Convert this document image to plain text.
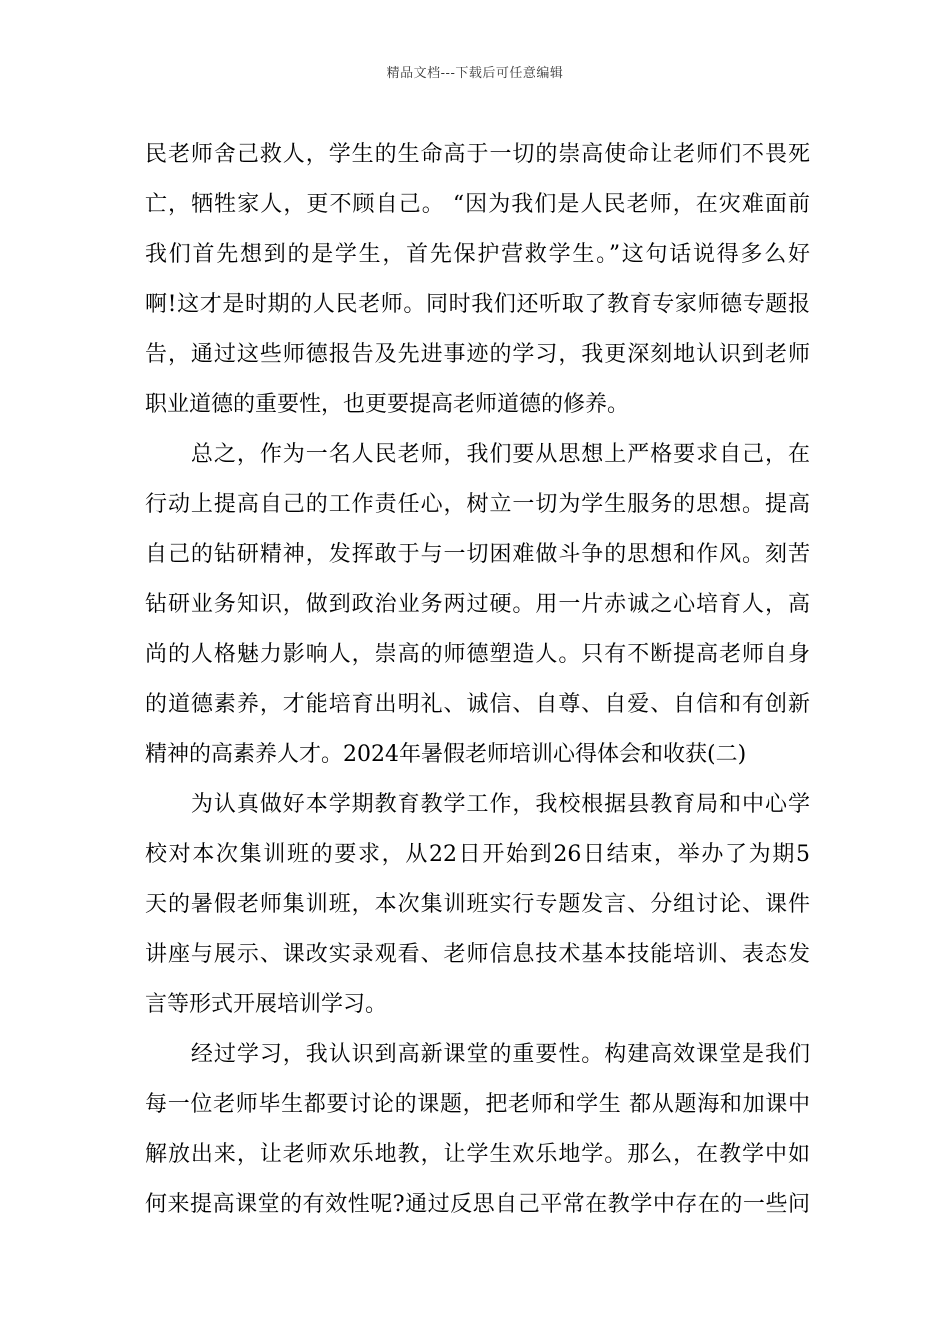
精品文档---下载后可任意编辑
民老师舍己救人，学生的生命高于一切的崇高使命让老师们不畏死
亡，牺牲家人，更不顾自己。 “因为我们是人民老师，在灾难面前
我们首先想到的是学生，首先保护营救学生。”这句话说得多么好
啊!这才是时期的人民老师。同时我们还听取了教育专家师德专题报
告，通过这些师德报告及先进事迹的学习，我更深刻地认识到老师
职业道德的重要性，也更要提高老师道德的修养。
　　总之，作为一名人民老师，我们要从思想上严格要求自己，在
行动上提高自己的工作责任心，树立一切为学生服务的思想。提高
自己的钻研精神，发挥敢于与一切困难做斗争的思想和作风。刻苦
钻研业务知识，做到政治业务两过硬。用一片赤诚之心培育人，高
尚的人格魅力影响人，崇高的师德塑造人。只有不断提高老师自身
的道德素养，才能培育出明礼、诚信、自尊、自爱、自信和有创新
精神的高素养人才。2024年暑假老师培训心得体会和收获(二)
　　为认真做好本学期教育教学工作，我校根据县教育局和中心学
校对本次集训班的要求，从22日开始到26日结束，举办了为期5
天的暑假老师集训班，本次集训班实行专题发言、分组讨论、课件
讲座与展示、课改实录观看、老师信息技术基本技能培训、表态发
言等形式开展培训学习。
　　经过学习，我认识到高新课堂的重要性。构建高效课堂是我们
每一位老师毕生都要讨论的课题，把老师和学生 都从题海和加课中
解放出来，让老师欢乐地教，让学生欢乐地学。那么，在教学中如
何来提高课堂的有效性呢?通过反思自己平常在教学中存在的一些问
